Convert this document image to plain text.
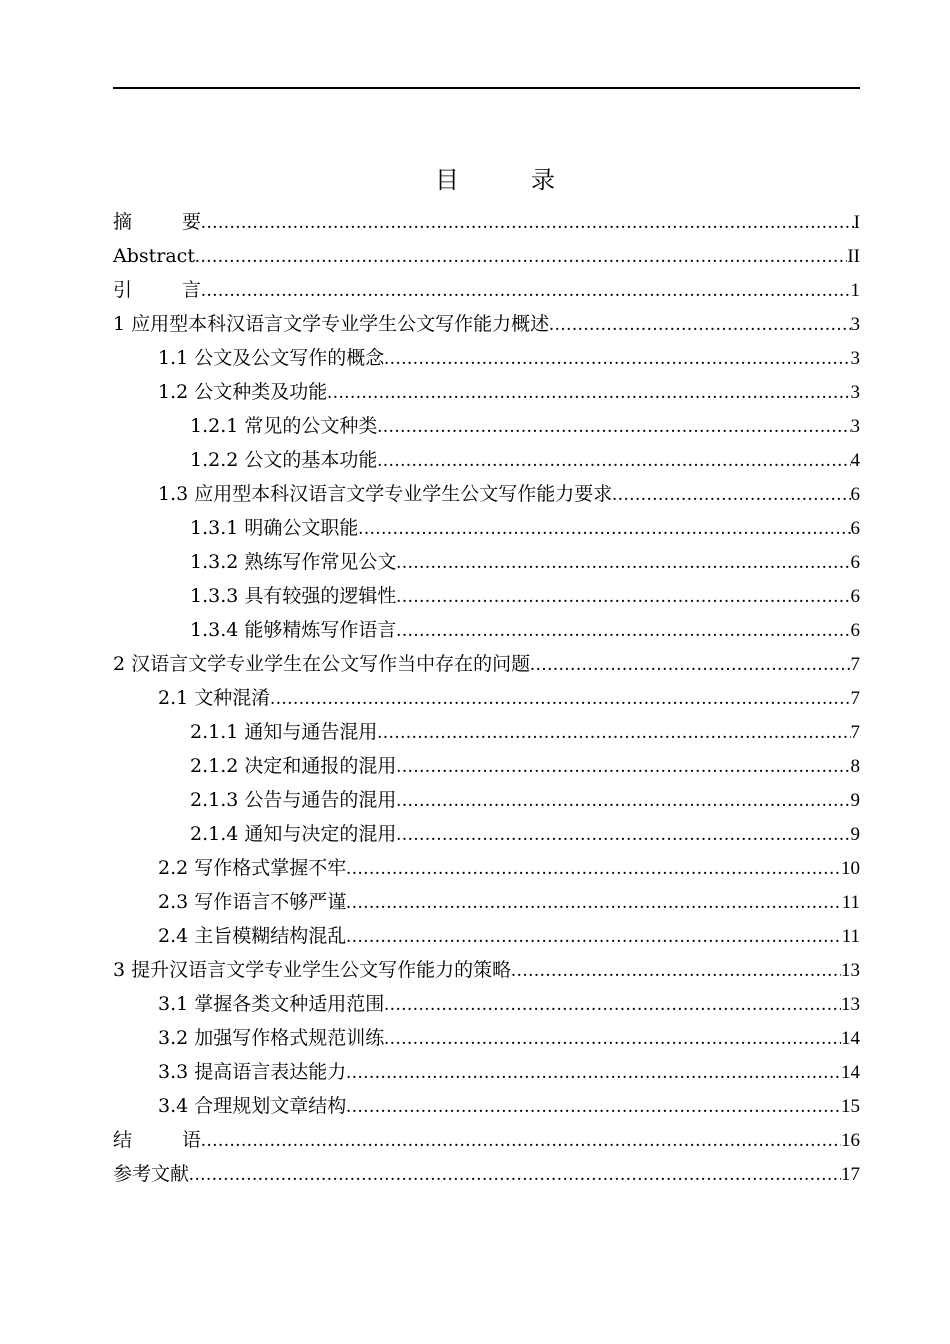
目　录
摘	要 .....	I
Abstract .....	II
引	言 .....	1
1 应用型本科汉语言文学专业学生公文写作能力概述 .....	3
1.1 公文及公文写作的概念 .....	3
1.2 公文种类及功能 .....	3
1.2.1 常见的公文种类 .....	3
1.2.2 公文的基本功能 .....	4
1.3 应用型本科汉语言文学专业学生公文写作能力要求 .....	6
1.3.1 明确公文职能 .....	6
1.3.2 熟练写作常见公文 .....	6
1.3.3 具有较强的逻辑性 .....	6
1.3.4 能够精炼写作语言 .....	6
2 汉语言文学专业学生在公文写作当中存在的问题 .....	7
2.1 文种混淆 .....	7
2.1.1 通知与通告混用 .....	7
2.1.2 决定和通报的混用 .....	8
2.1.3 公告与通告的混用 .....	9
2.1.4 通知与决定的混用 .....	9
2.2 写作格式掌握不牢 .....	10
2.3 写作语言不够严谨 .....	11
2.4 主旨模糊结构混乱 .....	11
3 提升汉语言文学专业学生公文写作能力的策略 .....	13
3.1 掌握各类文种适用范围 .....	13
3.2 加强写作格式规范训练 .....	14
3.3 提高语言表达能力 .....	14
3.4 合理规划文章结构 .....	15
结	语 .....	16
参考文献 .....	17
